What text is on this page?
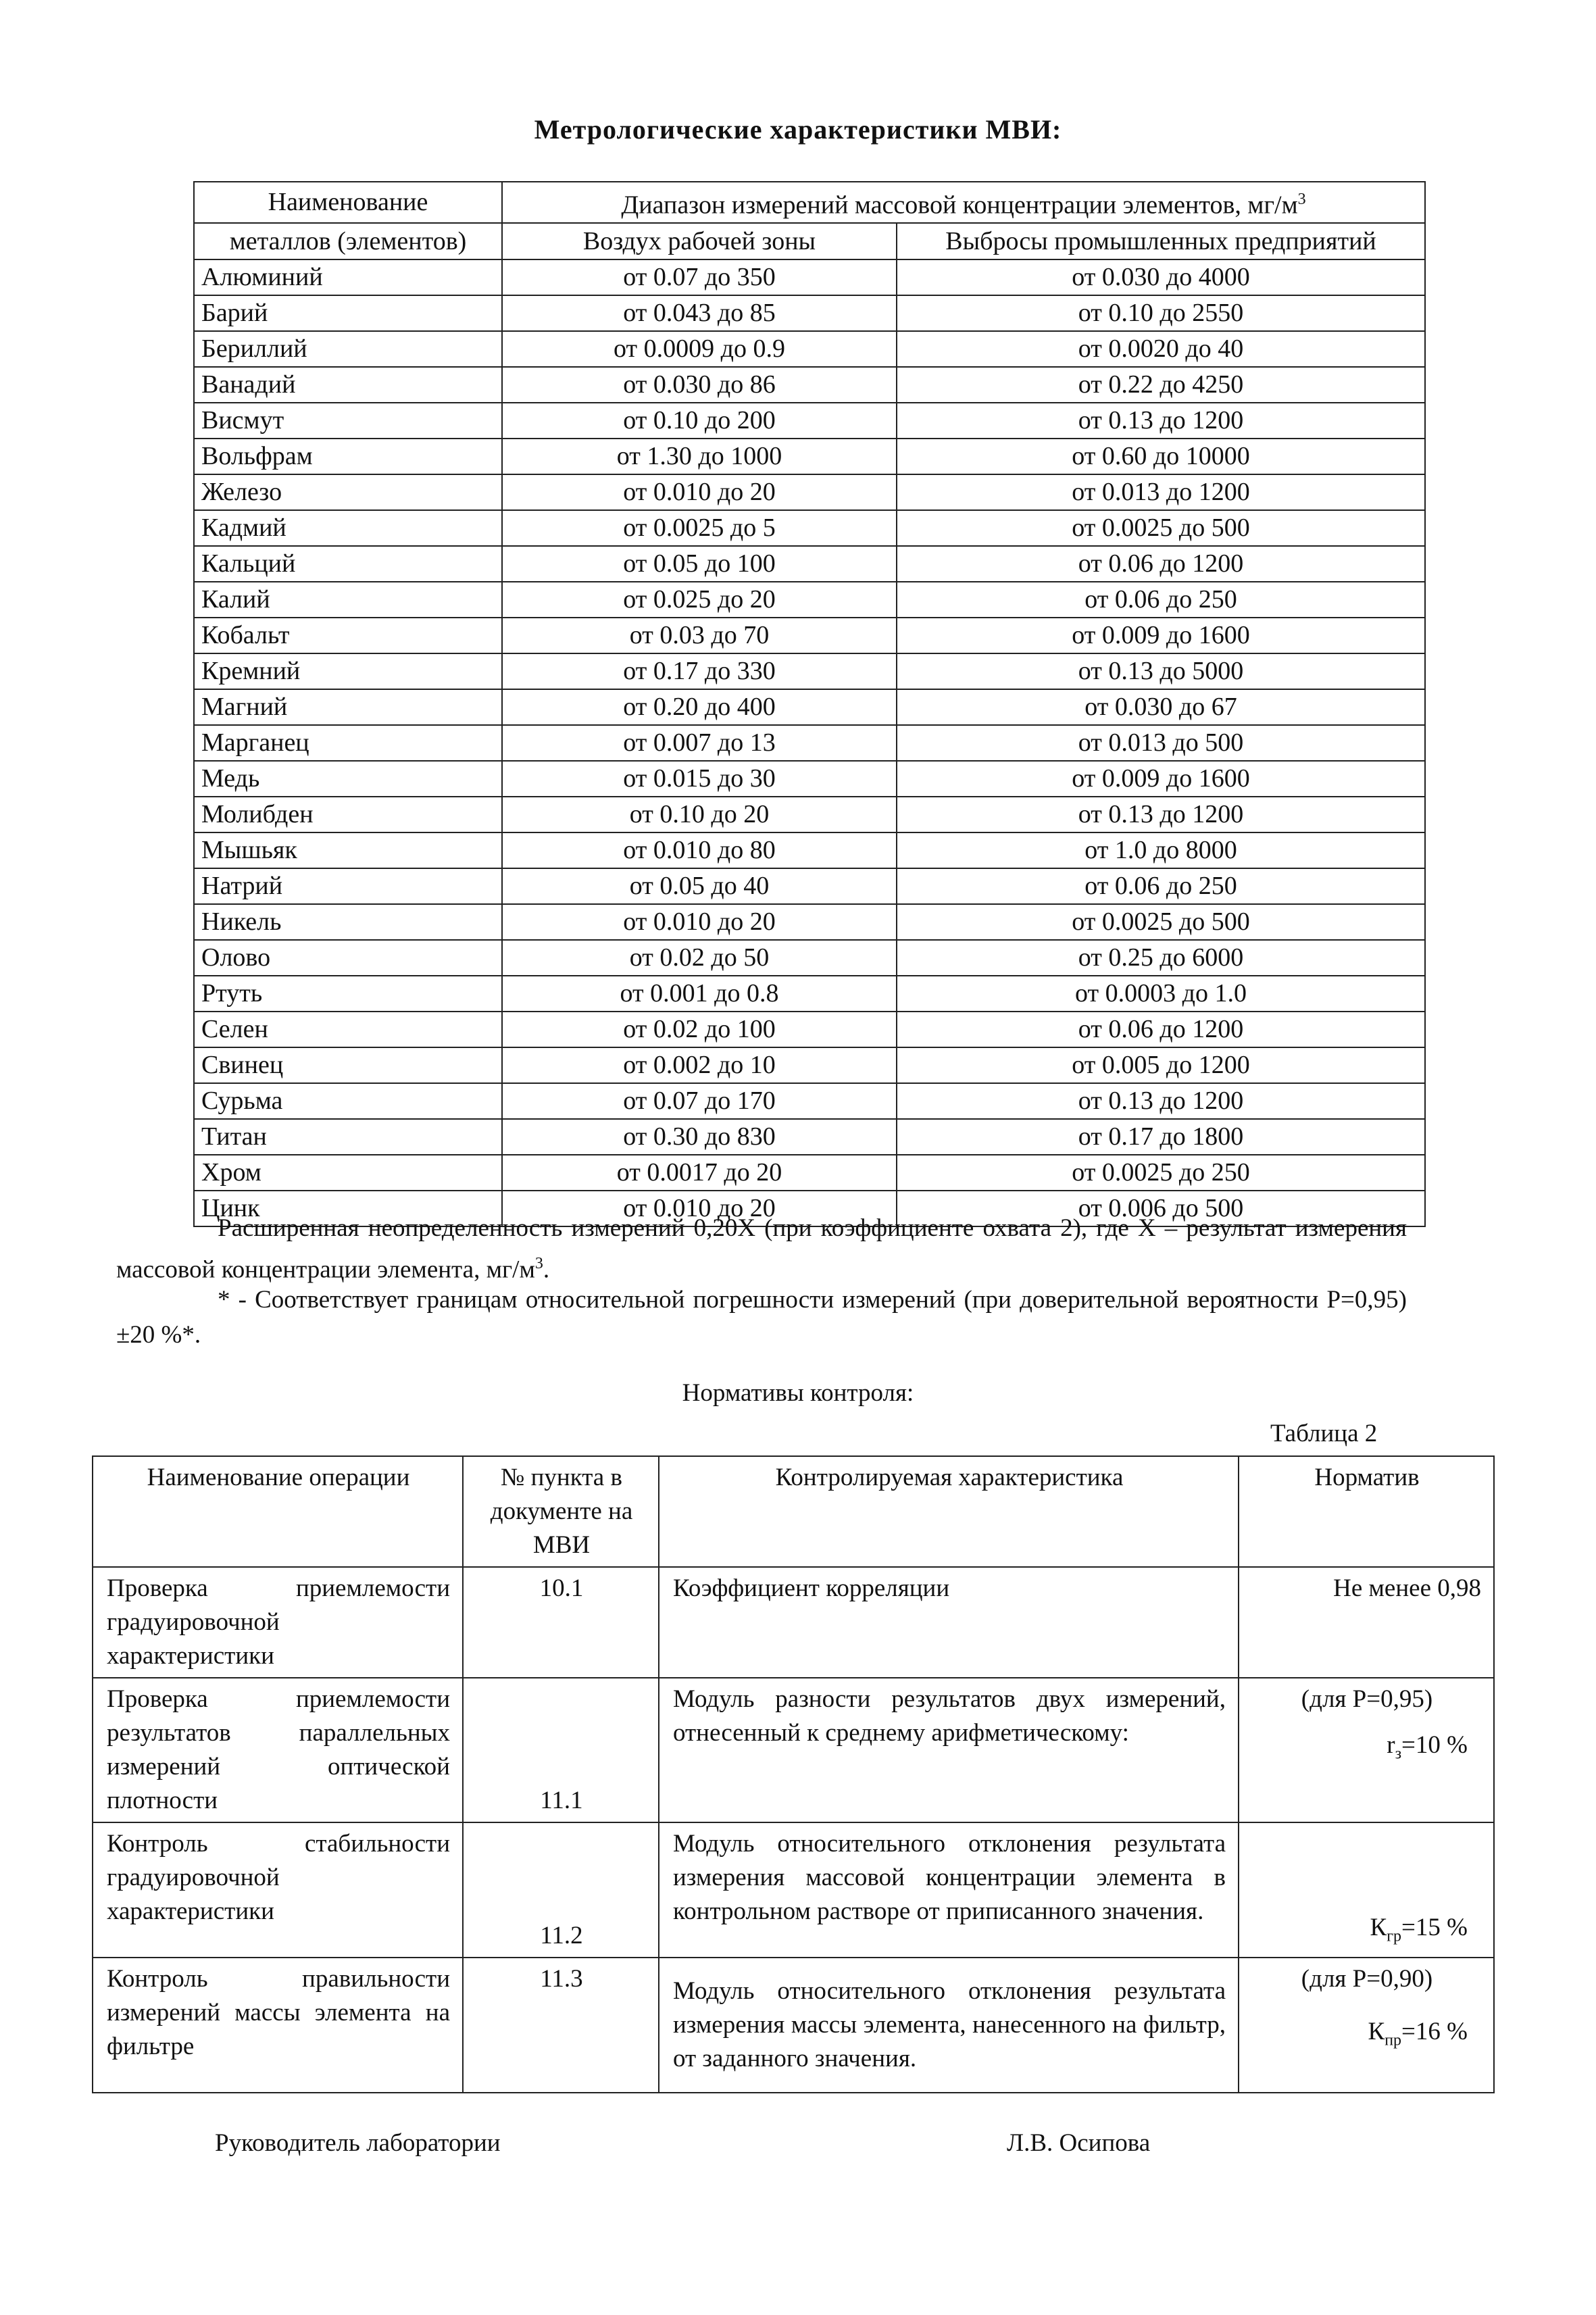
Метрологические характеристики МВИ:
Наименование	Диапазон измерений массовой концентрации элементов, $мг/м^3$
металлов (элементов)	Воздух рабочей зоны	Выбросы промышленных предприятий
Алюминий	от 0.07 до 350	от 0.030 до 4000
Барий	от 0.043 до 85	от 0.10 до 2550
Бериллий	от 0.0009 до 0.9	от 0.0020 до 40
Ванадий	от 0.030 до 86	от 0.22 до 4250
Висмут	от 0.10 до 200	от 0.13 до 1200
Вольфрам	от 1.30 до 1000	от 0.60 до 10000
Железо	от 0.010 до 20	от 0.013 до 1200
Кадмий	от 0.0025 до 5	от 0.0025 до 500
Кальций	от 0.05 до 100	от 0.06 до 1200
Калий	от 0.025 до 20	от 0.06 до 250
Кобальт	от 0.03 до 70	от 0.009 до 1600
Кремний	от 0.17 до 330	от 0.13 до 5000
Магний	от 0.20 до 400	от 0.030 до 67
Марганец	от 0.007 до 13	от 0.013 до 500
Медь	от 0.015 до 30	от 0.009 до 1600
Молибден	от 0.10 до 20	от 0.13 до 1200
Мышьяк	от 0.010 до 80	от 1.0 до 8000
Натрий	от 0.05 до 40	от 0.06 до 250
Никель	от 0.010 до 20	от 0.0025 до 500
Олово	от 0.02 до 50	от 0.25 до 6000
Ртуть	от 0.001 до 0.8	от 0.0003 до 1.0
Селен	от 0.02 до 100	от 0.06 до 1200
Свинец	от 0.002 до 10	от 0.005 до 1200
Сурьма	от 0.07 до 170	от 0.13 до 1200
Титан	от 0.30 до 830	от 0.17 до 1800
Хром	от 0.0017 до 20	от 0.0025 до 250
Цинк	от 0.010 до 20	от 0.006 до 500
Расширенная неопределенность измерений 0,20Х (при коэффициенте охвата 2), где Х – результат измерения массовой концентрации элемента, $мг/м^3$.
* - Соответствует границам относительной погрешности измерений (при доверительной вероятности Р=0,95) ±20 %*.
Нормативы контроля:
Таблица 2
Наименование операции	№ пункта в документе на МВИ	Контролируемая характеристика	Норматив
Проверка приемлемости градуировочной характеристики	10.1	Коэффициент корреляции	Не менее 0,98

Проверка приемлемости результатов параллельных измерений оптической плотности	11.1	Модуль разности результатов двух измерений, отнесенный к среднему арифметическому:	(для Р=0,95)
$r_з=10$ %

Контроль стабильности градуировочной характеристики	11.2	Модуль относительного отклонения результата измерения массовой концентрации элемента в контрольном растворе от приписанного значения.	$К_{гр}=15$ %

Контроль правильности измерений массы элемента на фильтре	11.3	Модуль относительного отклонения результата измерения массы элемента, нанесенного на фильтр, от заданного значения.	(для Р=0,90)
$К_{пр}=16$ %
Руководитель лаборатории	Л.В. Осипова
